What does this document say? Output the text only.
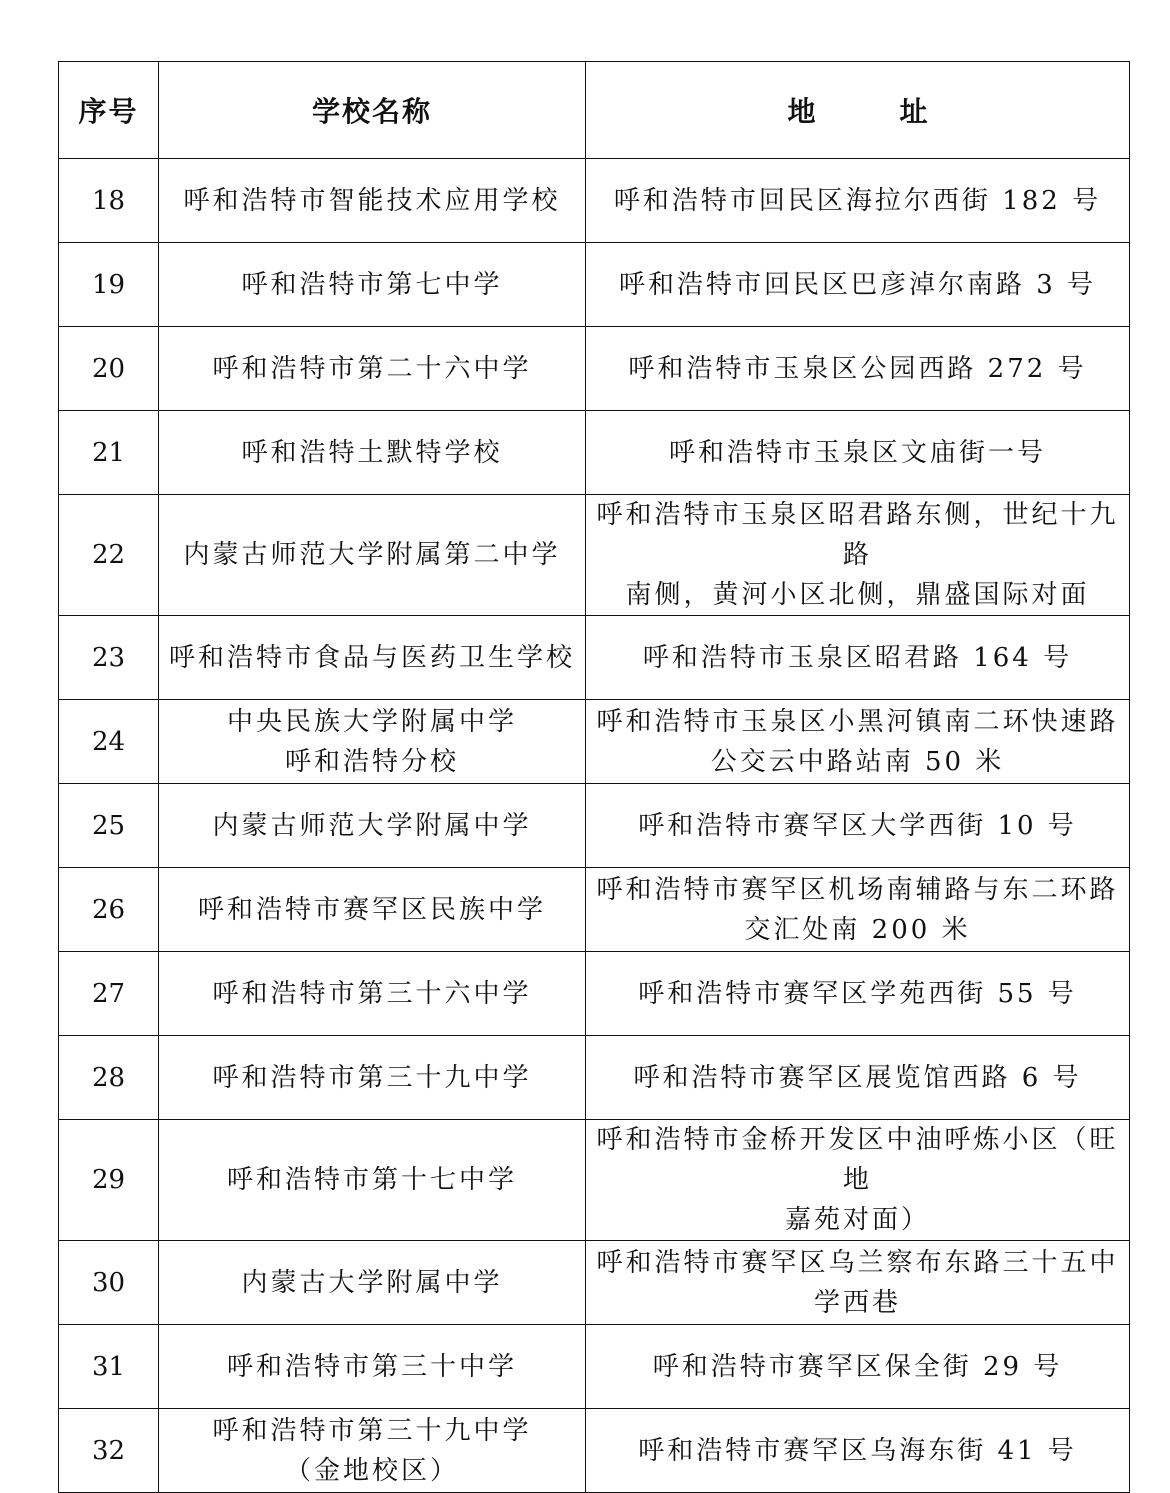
序号	学校名称	地　址
18	呼和浩特市智能技术应用学校	呼和浩特市回民区海拉尔西街 182 号

19	呼和浩特市第七中学	呼和浩特市回民区巴彦淖尔南路 3 号

20	呼和浩特市第二十六中学	呼和浩特市玉泉区公园西路 272 号

21	呼和浩特土默特学校	呼和浩特市玉泉区文庙街一号

22	内蒙古师范大学附属第二中学	呼和浩特市玉泉区昭君路东侧，世纪十九路
南侧，黄河小区北侧，鼎盛国际对面

23	呼和浩特市食品与医药卫生学校	呼和浩特市玉泉区昭君路 164 号

24	中央民族大学附属中学
呼和浩特分校	呼和浩特市玉泉区小黑河镇南二环快速路
公交云中路站南 50 米

25	内蒙古师范大学附属中学	呼和浩特市赛罕区大学西街 10 号

26	呼和浩特市赛罕区民族中学	呼和浩特市赛罕区机场南辅路与东二环路
交汇处南 200 米

27	呼和浩特市第三十六中学	呼和浩特市赛罕区学苑西街 55 号

28	呼和浩特市第三十九中学	呼和浩特市赛罕区展览馆西路 6 号

29	呼和浩特市第十七中学	呼和浩特市金桥开发区中油呼炼小区（旺地
嘉苑对面）

30	内蒙古大学附属中学	呼和浩特市赛罕区乌兰察布东路三十五中
学西巷

31	呼和浩特市第三十中学	呼和浩特市赛罕区保全街 29 号

32	呼和浩特市第三十九中学
（金地校区）	呼和浩特市赛罕区乌海东街 41 号
